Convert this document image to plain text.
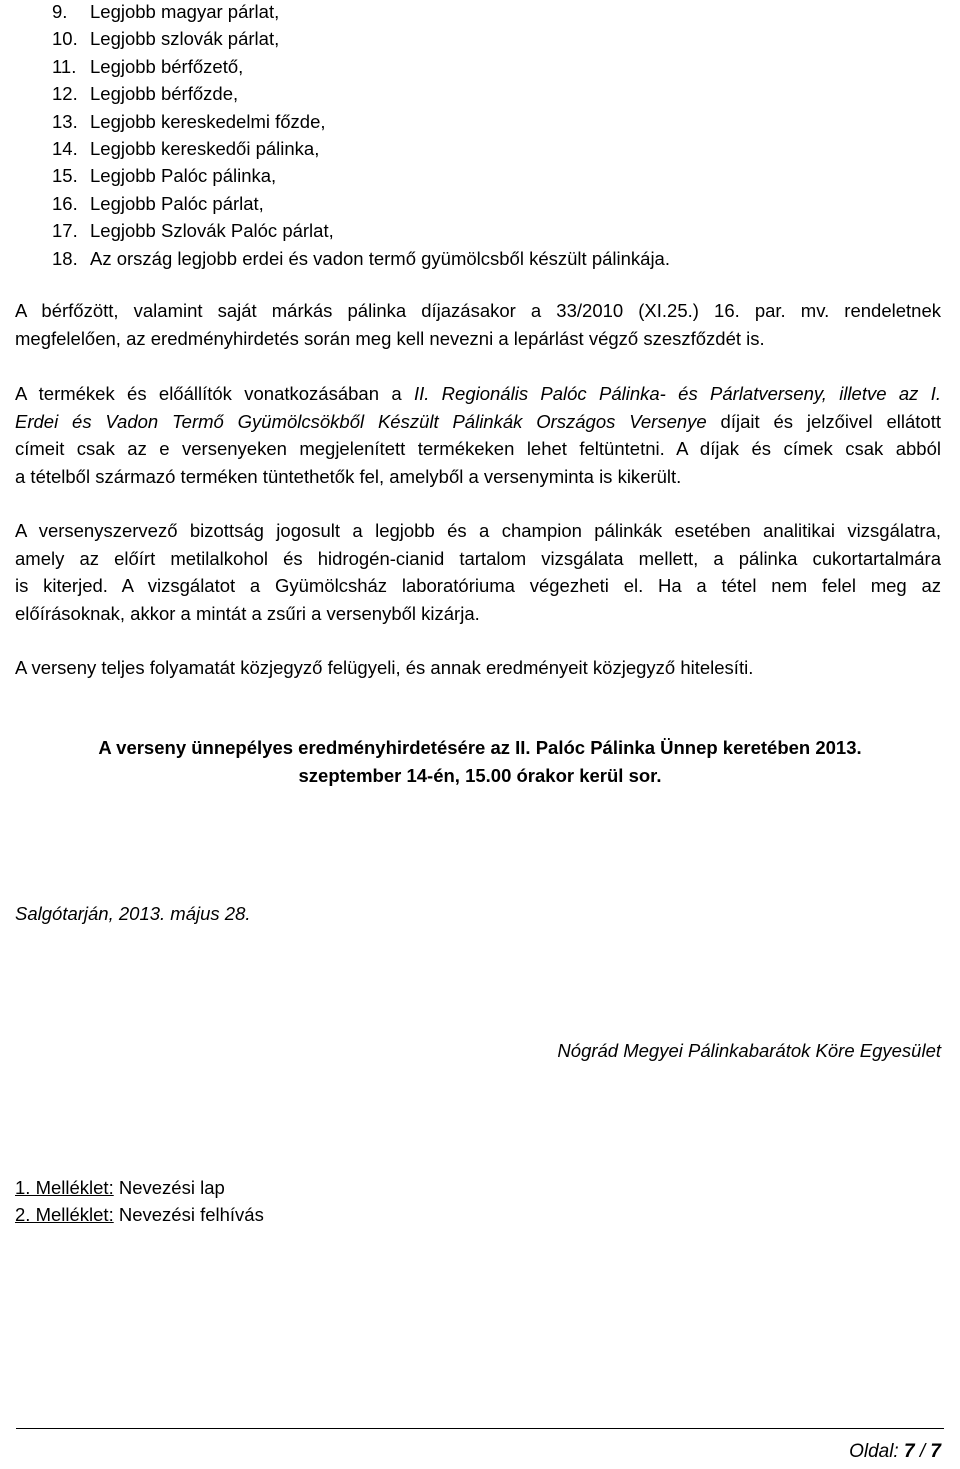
9. Legjobb magyar párlat,
10. Legjobb szlovák párlat,
11. Legjobb bérfőzető,
12. Legjobb bérfőzde,
13. Legjobb kereskedelmi főzde,
14. Legjobb kereskedői pálinka,
15. Legjobb Palóc pálinka,
16. Legjobb Palóc párlat,
17. Legjobb Szlovák Palóc párlat,
18. Az ország legjobb erdei és vadon termő gyümölcsből készült pálinkája.

A bérfőzött, valamint saját márkás pálinka díjazásakor a 33/2010 (XI.25.) 16. par. mv. rendeletnek
megfelelően, az eredményhirdetés során meg kell nevezni a lepárlást végző szeszfőzdét is.

A termékek és előállítók vonatkozásában a II. Regionális Palóc Pálinka- és Párlatverseny, illetve az I.
Erdei és Vadon Termő Gyümölcsökből Készült Pálinkák Országos Versenye díjait és jelzőivel ellátott
címeit csak az e versenyeken megjelenített termékeken lehet feltüntetni. A díjak és címek csak abból
a tételből származó terméken tüntethetők fel, amelyből a versenyminta is kikerült.

A versenyszervező bizottság jogosult a legjobb és a champion pálinkák esetében analitikai vizsgálatra,
amely az előírt metilalkohol és hidrogén-cianid tartalom vizsgálata mellett, a pálinka cukortartalmára
is kiterjed. A vizsgálatot a Gyümölcsház laboratóriuma végezheti el. Ha a tétel nem felel meg az
előírásoknak, akkor a mintát a zsűri a versenyből kizárja.

A verseny teljes folyamatát közjegyző felügyeli, és annak eredményeit közjegyző hitelesíti.

A verseny ünnepélyes eredményhirdetésére az II. Palóc Pálinka Ünnep keretében 2013.
szeptember 14-én, 15.00 órakor kerül sor.
Salgótarján, 2013. május 28.
Nógrád Megyei Pálinkabarátok Köre Egyesület
1. Melléklet: Nevezési lap
2. Melléklet: Nevezési felhívás
Oldal: 7 / 7
